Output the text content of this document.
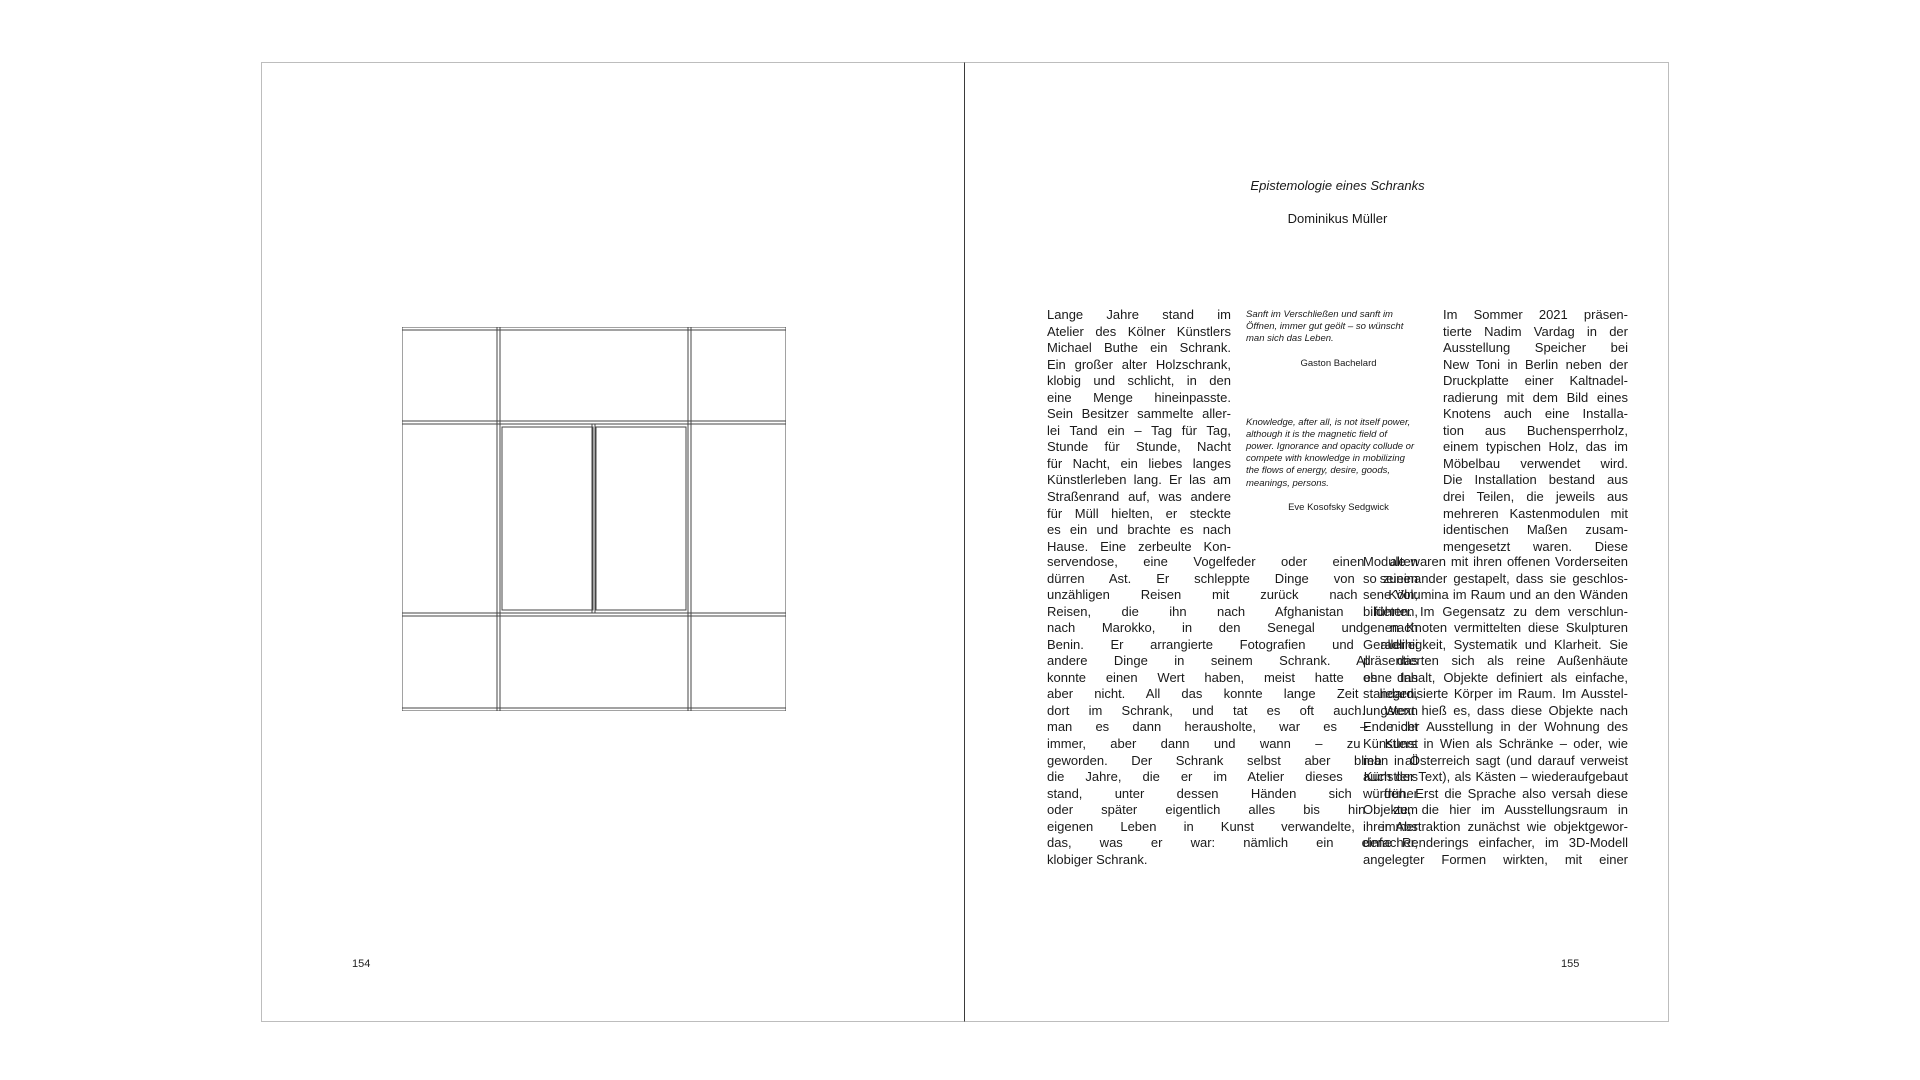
154
Epistemologie eines Schranks
Dominikus Müller

Lange Jahre stand im

Atelier des Kölner Künstlers

Michael Buthe ein Schrank.

Ein großer alter Holzschrank,

klobig und schlicht, in den

eine Menge hineinpasste.

Sein Besitzer sammelte aller-

lei Tand ein – Tag für Tag,

Stunde für Stunde, Nacht

für Nacht, ein liebes langes

Künstlerleben lang. Er las am

Straßenrand auf, was andere

für Müll hielten, er steckte

es ein und brachte es nach

Hause. Eine zerbeulte Kon-

Sanft im Verschließen und sanft im

Öffnen, immer gut geölt – so wünscht

man sich das Leben.

Gaston Bachelard

Knowledge, after all, is not itself power,

although it is the magnetic field of

power. Ignorance and opacity collude or

compete with knowledge in mobilizing

the flows of energy, desire, goods,

meanings, persons.

Eve Kosofsky Sedgwick

Im Sommer 2021 präsen-

tierte Nadim Vardag in der

Ausstellung Speicher bei

New Toni in Berlin neben der

Druckplatte einer Kaltnadel-

radierung mit dem Bild eines

Knotens auch eine Installa-

tion aus Buchensperrholz,

einem typischen Holz, das im

Möbelbau verwendet wird.

Die Installation bestand aus

drei Teilen, die jeweils aus

mehreren Kastenmodulen mit

identischen Maßen zusam-

mengesetzt waren. Diese

servendose, eine Vogelfeder oder einen alten

dürren Ast. Er schleppte Dinge von seinen

unzähligen Reisen mit zurück nach Köln;

Reisen, die ihn nach Afghanistan führten,

nach Marokko, in den Senegal und nach

Benin. Er arrangierte Fotografien und allerlei

andere Dinge in seinem Schrank. All das

konnte einen Wert haben, meist hatte es das

aber nicht. All das konnte lange Zeit liegen,

dort im Schrank, und tat es oft auch. Wenn

man es dann herausholte, war es – nicht

immer, aber dann und wann – zu Kunst

geworden. Der Schrank selbst aber blieb all

die Jahre, die er im Atelier dieses Künstlers

stand, unter dessen Händen sich früher

oder später eigentlich alles bis hin zum

eigenen Leben in Kunst verwandelte, immer

das, was er war: nämlich ein einfacher,

klobiger Schrank.

Module waren mit ihren offenen Vorderseiten

so zueinander gestapelt, dass sie geschlos-

sene Volumina im Raum und an den Wänden

bildeten. Im Gegensatz zu dem verschlun-

genen Knoten vermittelten diese Skulpturen

Geradlinigkeit, Systematik und Klarheit. Sie

präsentierten sich als reine Außenhäute

ohne Inhalt, Objekte definiert als einfache,

standardisierte Körper im Raum. Im Ausstel-

lungstext hieß es, dass diese Objekte nach

Ende der Ausstellung in der Wohnung des

Künstlers in Wien als Schränke – oder, wie

man in Österreich sagt (und darauf verweist

auch der Text), als Kästen – wiederaufgebaut

würden. Erst die Sprache also versah diese

Objekte, die hier im Ausstellungsraum in

ihrer Abstraktion zunächst wie objektgewor-

dene Renderings einfacher, im 3D-Modell

angelegter Formen wirkten, mit einer

155
